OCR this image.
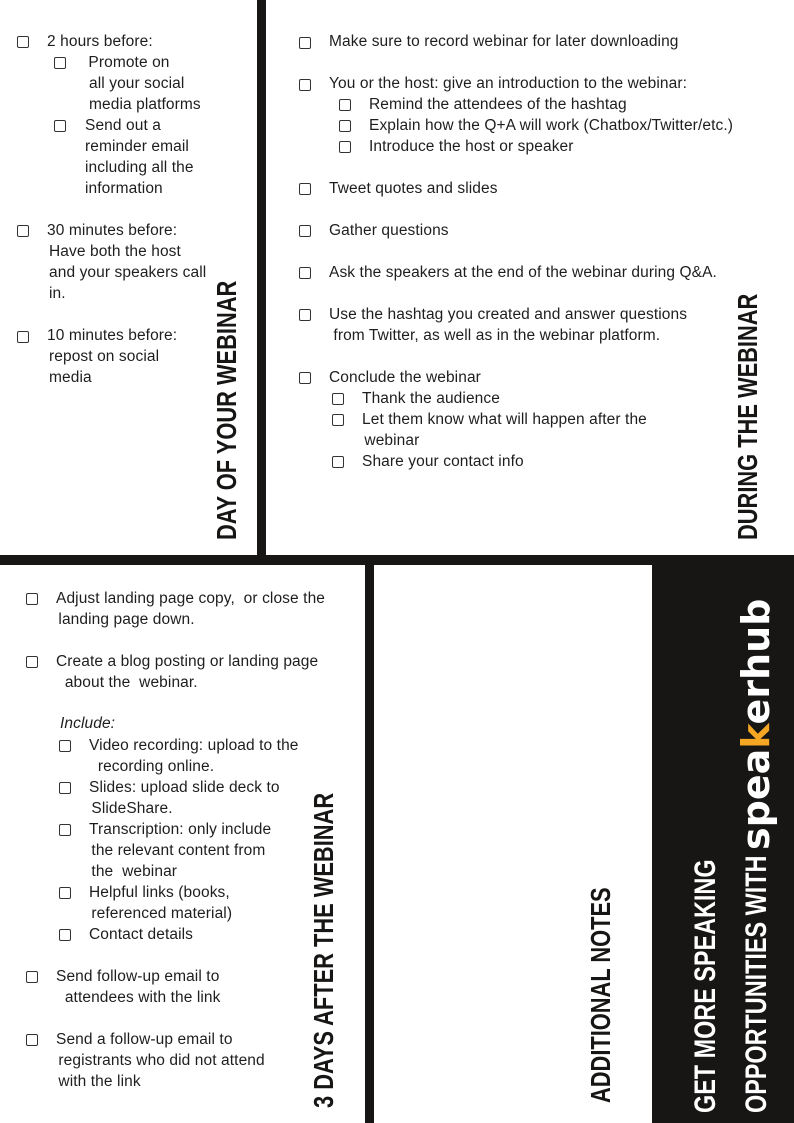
2 hours before:
Promote on
all your social
media platforms
Send out a
reminder email
including all the
information
30 minutes before:
Have both the host
and your speakers call
in.
10 minutes before:
repost on social
media	DAY OF YOUR WEBINAR
Make sure to record webinar for later downloading
You or the host: give an introduction to the webinar:
Remind the attendees of the hashtag
Explain how the Q+A will work (Chatbox/Twitter/etc.)
Introduce the host or speaker
Tweet quotes and slides
Gather questions
Ask the speakers at the end of the webinar during Q&A.
Use the hashtag you created and answer questions
from Twitter, as well as in the webinar platform.
Conclude the webinar
Thank the audience
Let them know what will happen after the
webinar
Share your contact info	DURING THE WEBINAR
Adjust landing page copy,  or close the
landing page down.
Create a blog posting or landing page
about the  webinar.
Include:
Video recording: upload to the
recording online.
Slides: upload slide deck to
SlideShare.
Transcription: only include
the relevant content from
the  webinar
Helpful links (books,
referenced material)
Contact details
Send follow-up email to
attendees with the link
Send a follow-up email to
registrants who did not attend
with the link	3 DAYS AFTER THE WEBINAR	ADDITIONAL NOTES GET MORE SPEAKING OPPORTUNITIES WITH
speakerhub
